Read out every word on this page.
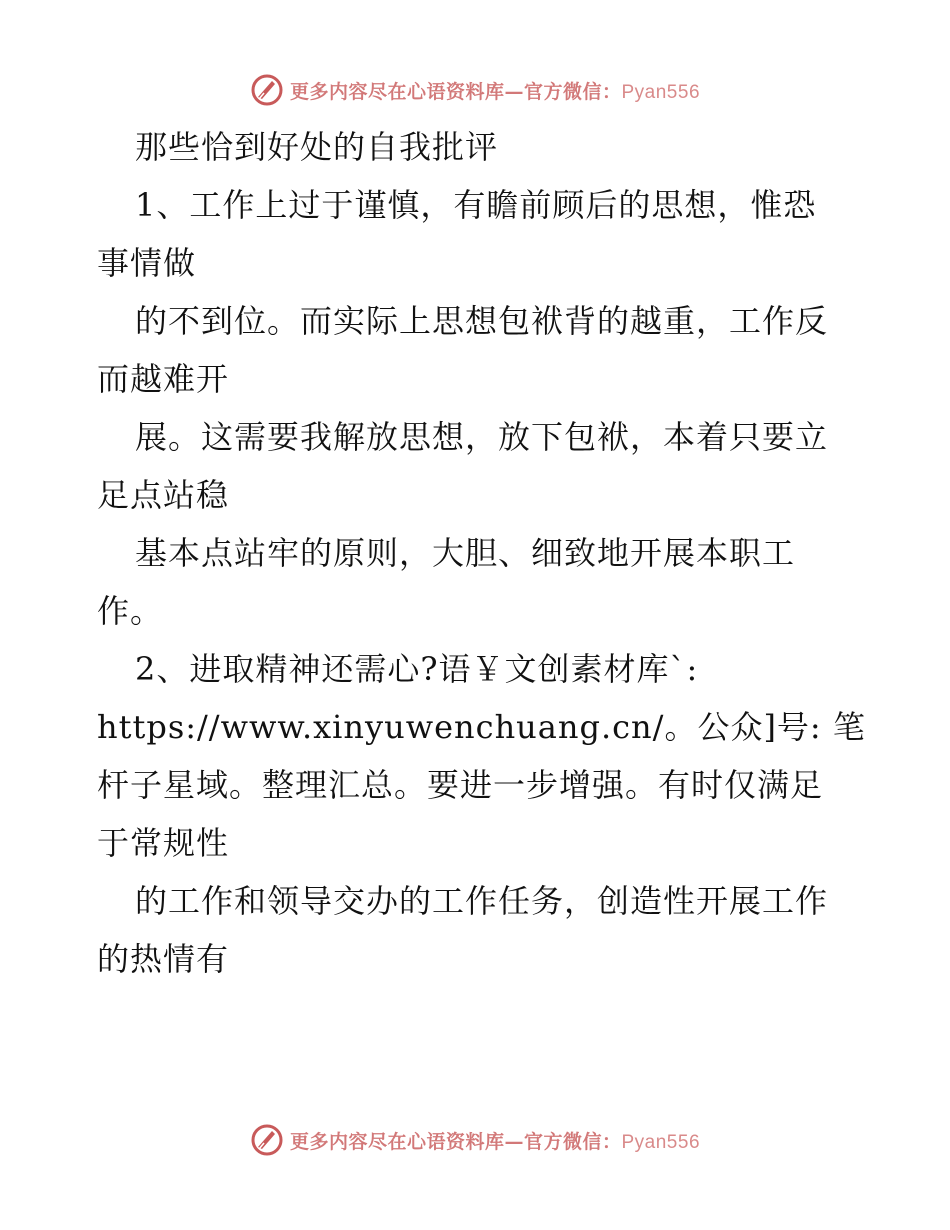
更多内容尽在心语资料库—官方微信：Pyan556
那些恰到好处的自我批评
1、工作上过于谨慎，有瞻前顾后的思想，惟恐
事情做
的不到位。而实际上思想包袱背的越重，工作反
而越难开
展。这需要我解放思想，放下包袱，本着只要立
足点站稳
基本点站牢的原则，大胆、细致地开展本职工
作。
2、进取精神还需心?语￥文创素材库`:
https://www.xinyuwenchuang.cn/。公众]号: 笔
杆子星域。整理汇总。要进一步增强。有时仅满足
于常规性
的工作和领导交办的工作任务，创造性开展工作
的热情有
更多内容尽在心语资料库—官方微信：Pyan556
